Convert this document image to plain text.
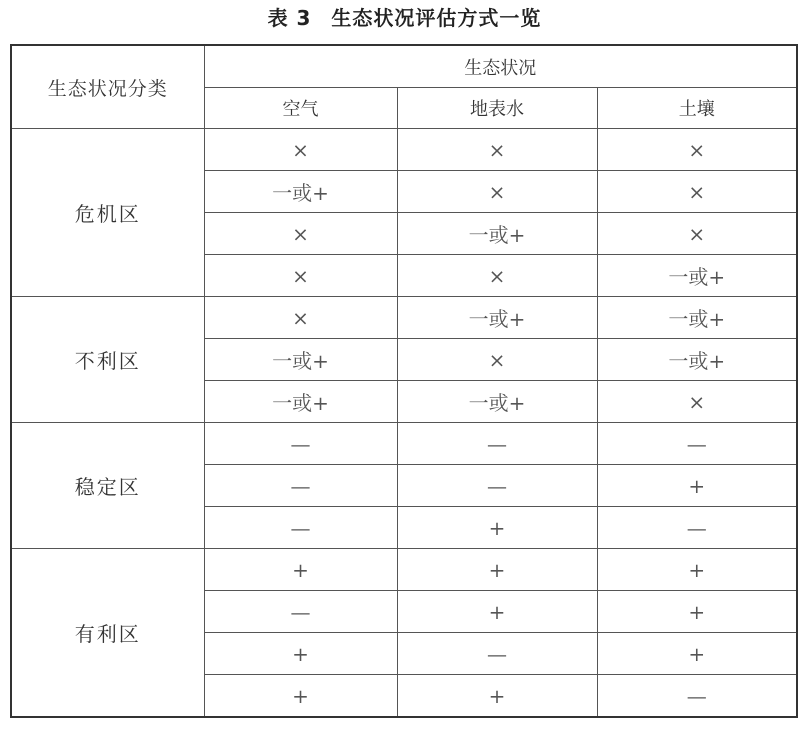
表 3 生态状况评估方式一览
生态状况分类	生态状况		
	空气	地表水	土壤
危机区	×	×	×
	一或+	×	×
	×	一或+	×
	×	×	一或+
不利区	×	一或+	一或+
	一或+	×	一或+
	一或+	一或+	×
稳定区	—	—	—
	—	—	+
	—	+	—
有利区	+	+	+
	—	+	+
	+	—	+
	+	+	—
